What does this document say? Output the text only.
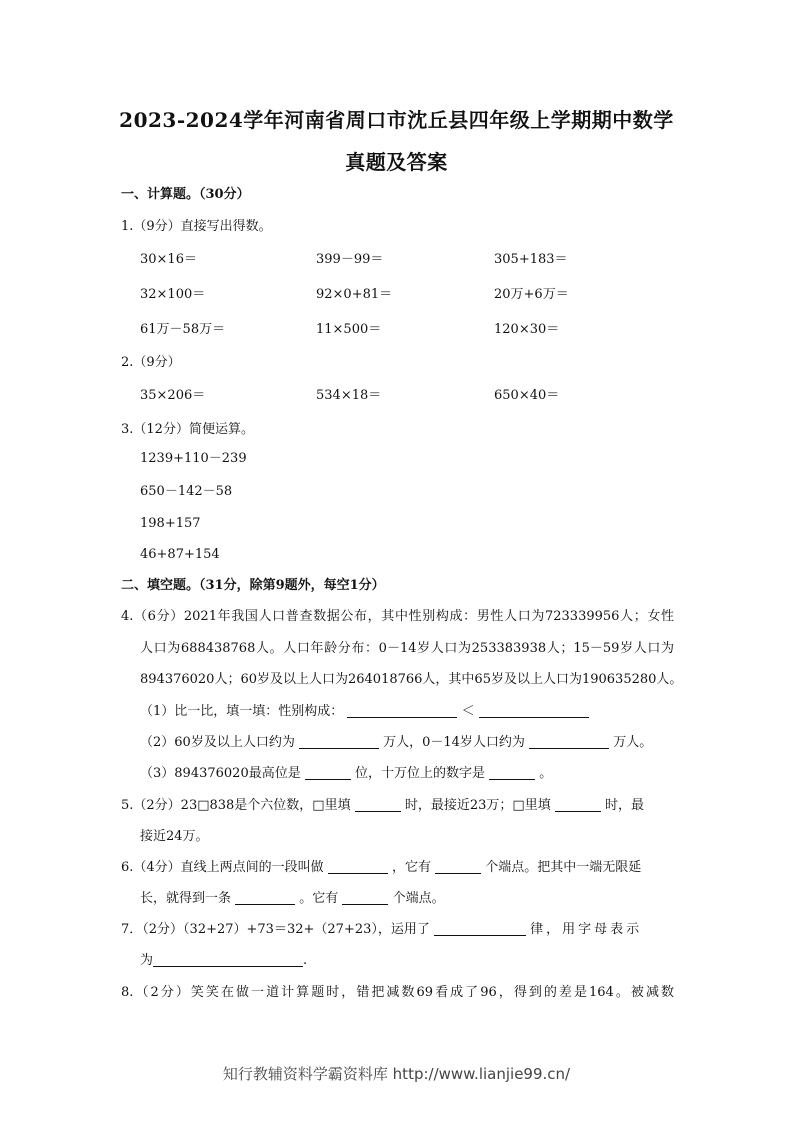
2023-2024学年河南省周口市沈丘县四年级上学期期中数学
真题及答案
一、计算题。（30分）
1.（9分）直接写出得数。
30×16＝	399－99＝	305+183＝
32×100＝	92×0+81＝	20万+6万＝
61万－58万＝	11×500＝	120×30＝
2.（9分）
35×206＝	534×18＝	650×40＝
3.（12分）简便运算。
1239+110－239
650－142－58
198+157
46+87+154
二、填空题。（31分，除第9题外，每空1分）
4.（6分）2021年我国人口普查数据公布，其中性别构成：男性人口为723339956人；女性
人口为688438768人。人口年龄分布：0－14岁人口为253383938人；15－59岁人口为
894376020人；60岁及以上人口为264018766人，其中65岁及以上人口为190635280人。
（1）比一比，填一填：性别构成：	＜
（2）60岁及以上人口约为	万人，0－14岁人口约为	万人。
（3）894376020最高位是	位，十万位上的数字是	。
5.（2分）23□838是个六位数，□里填	时，最接近23万；□里填	时，最
接近24万。
6.（4分）直线上两点间的一段叫做	，它有	个端点。把其中一端无限延
长，就得到一条	。它有	个端点。
7．（2分）（32+27）+73＝32+（27+23），运用了	律，用字母表示
为	.
8.（2分）笑笑在做一道计算题时，错把减数69看成了96，得到的差是164。被减数
知行教辅资料学霸资料库 http://www.lianjie99.cn/
